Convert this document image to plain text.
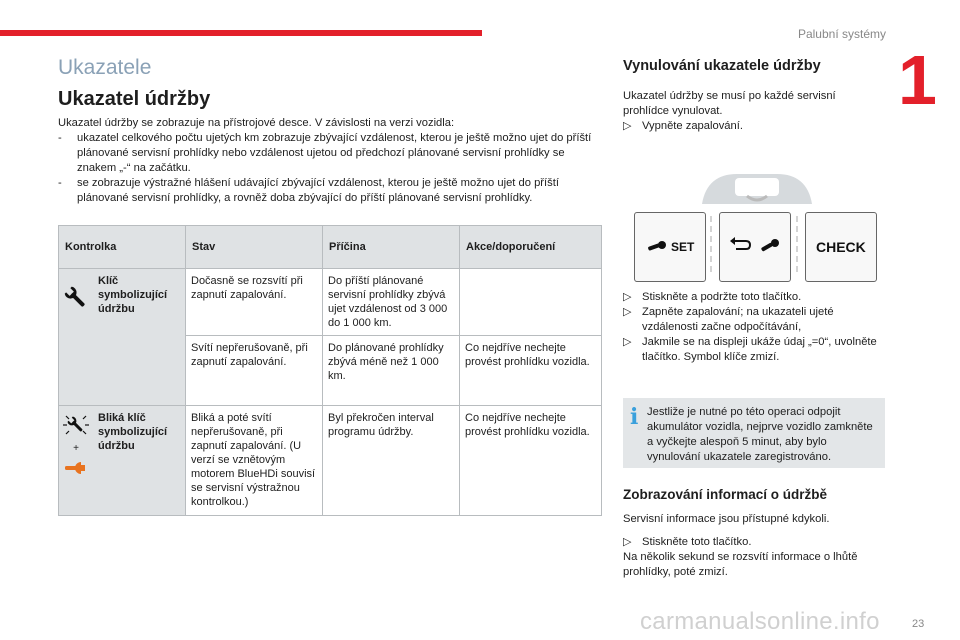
Palubní systémy
1
Ukazatele
Ukazatel údržby

Ukazatel údržby se zobrazuje na přístrojové desce. V závislosti na verzi vozidla:

- ukazatel celkového počtu ujetých km zobrazuje zbývající vzdálenost, kterou je ještě možno ujet do příští plánované servisní prohlídky nebo vzdálenost ujetou od předchozí plánované servisní prohlídky se znakem „-“ na začátku.

- se zobrazuje výstražné hlášení udávající zbývající vzdálenost, kterou je ještě možno ujet do příští plánované servisní prohlídky, a rovněž doba zbývající do příští plánované servisní prohlídky.

Kontrolka		Stav	Příčina	Akce/doporučení
	Klíč symbolizující údržbu	Dočasně se rozsvítí při zapnutí zapalování.	Do příští plánované servisní prohlídky zbývá ujet vzdálenost od 3 000 do 1 000 km.	
		Svítí nepřerušovaně, při zapnutí zapalování.	Do plánované prohlídky zbývá méně než 1 000 km.	Co nejdříve nechejte provést prohlídku vozidla.

+	Bliká klíč symbolizující údržbu	Bliká a poté svítí nepřerušovaně, při zapnutí zapalování. (U verzí se vznětovým motorem BlueHDi souvisí se servisní výstražnou kontrolkou.)	Byl překročen interval programu údržby.	Co nejdříve nechejte provést prohlídku vozidla.
Vynulování ukazatele údržby

Ukazatel údržby se musí po každé servisní prohlídce vynulovat.

▷ Vypněte zapalování.

SET	CHECK

▷ Stiskněte a podržte toto tlačítko.

▷ Zapněte zapalování; na ukazateli ujeté vzdálenosti začne odpočítávání,

▷ Jakmile se na displeji ukáže údaj „=0“, uvolněte tlačítko. Symbol klíče zmizí.

i Jestliže je nutné po této operaci odpojit akumulátor vozidla, nejprve vozidlo zamkněte a vyčkejte alespoň 5 minut, aby bylo vynulování ukazatele zaregistrováno.
Zobrazování informací o údržbě

Servisní informace jsou přístupné kdykoli.

▷ Stiskněte toto tlačítko.

Na několik sekund se rozsvítí informace o lhůtě prohlídky, poté zmizí.

carmanualsonline.info	23
